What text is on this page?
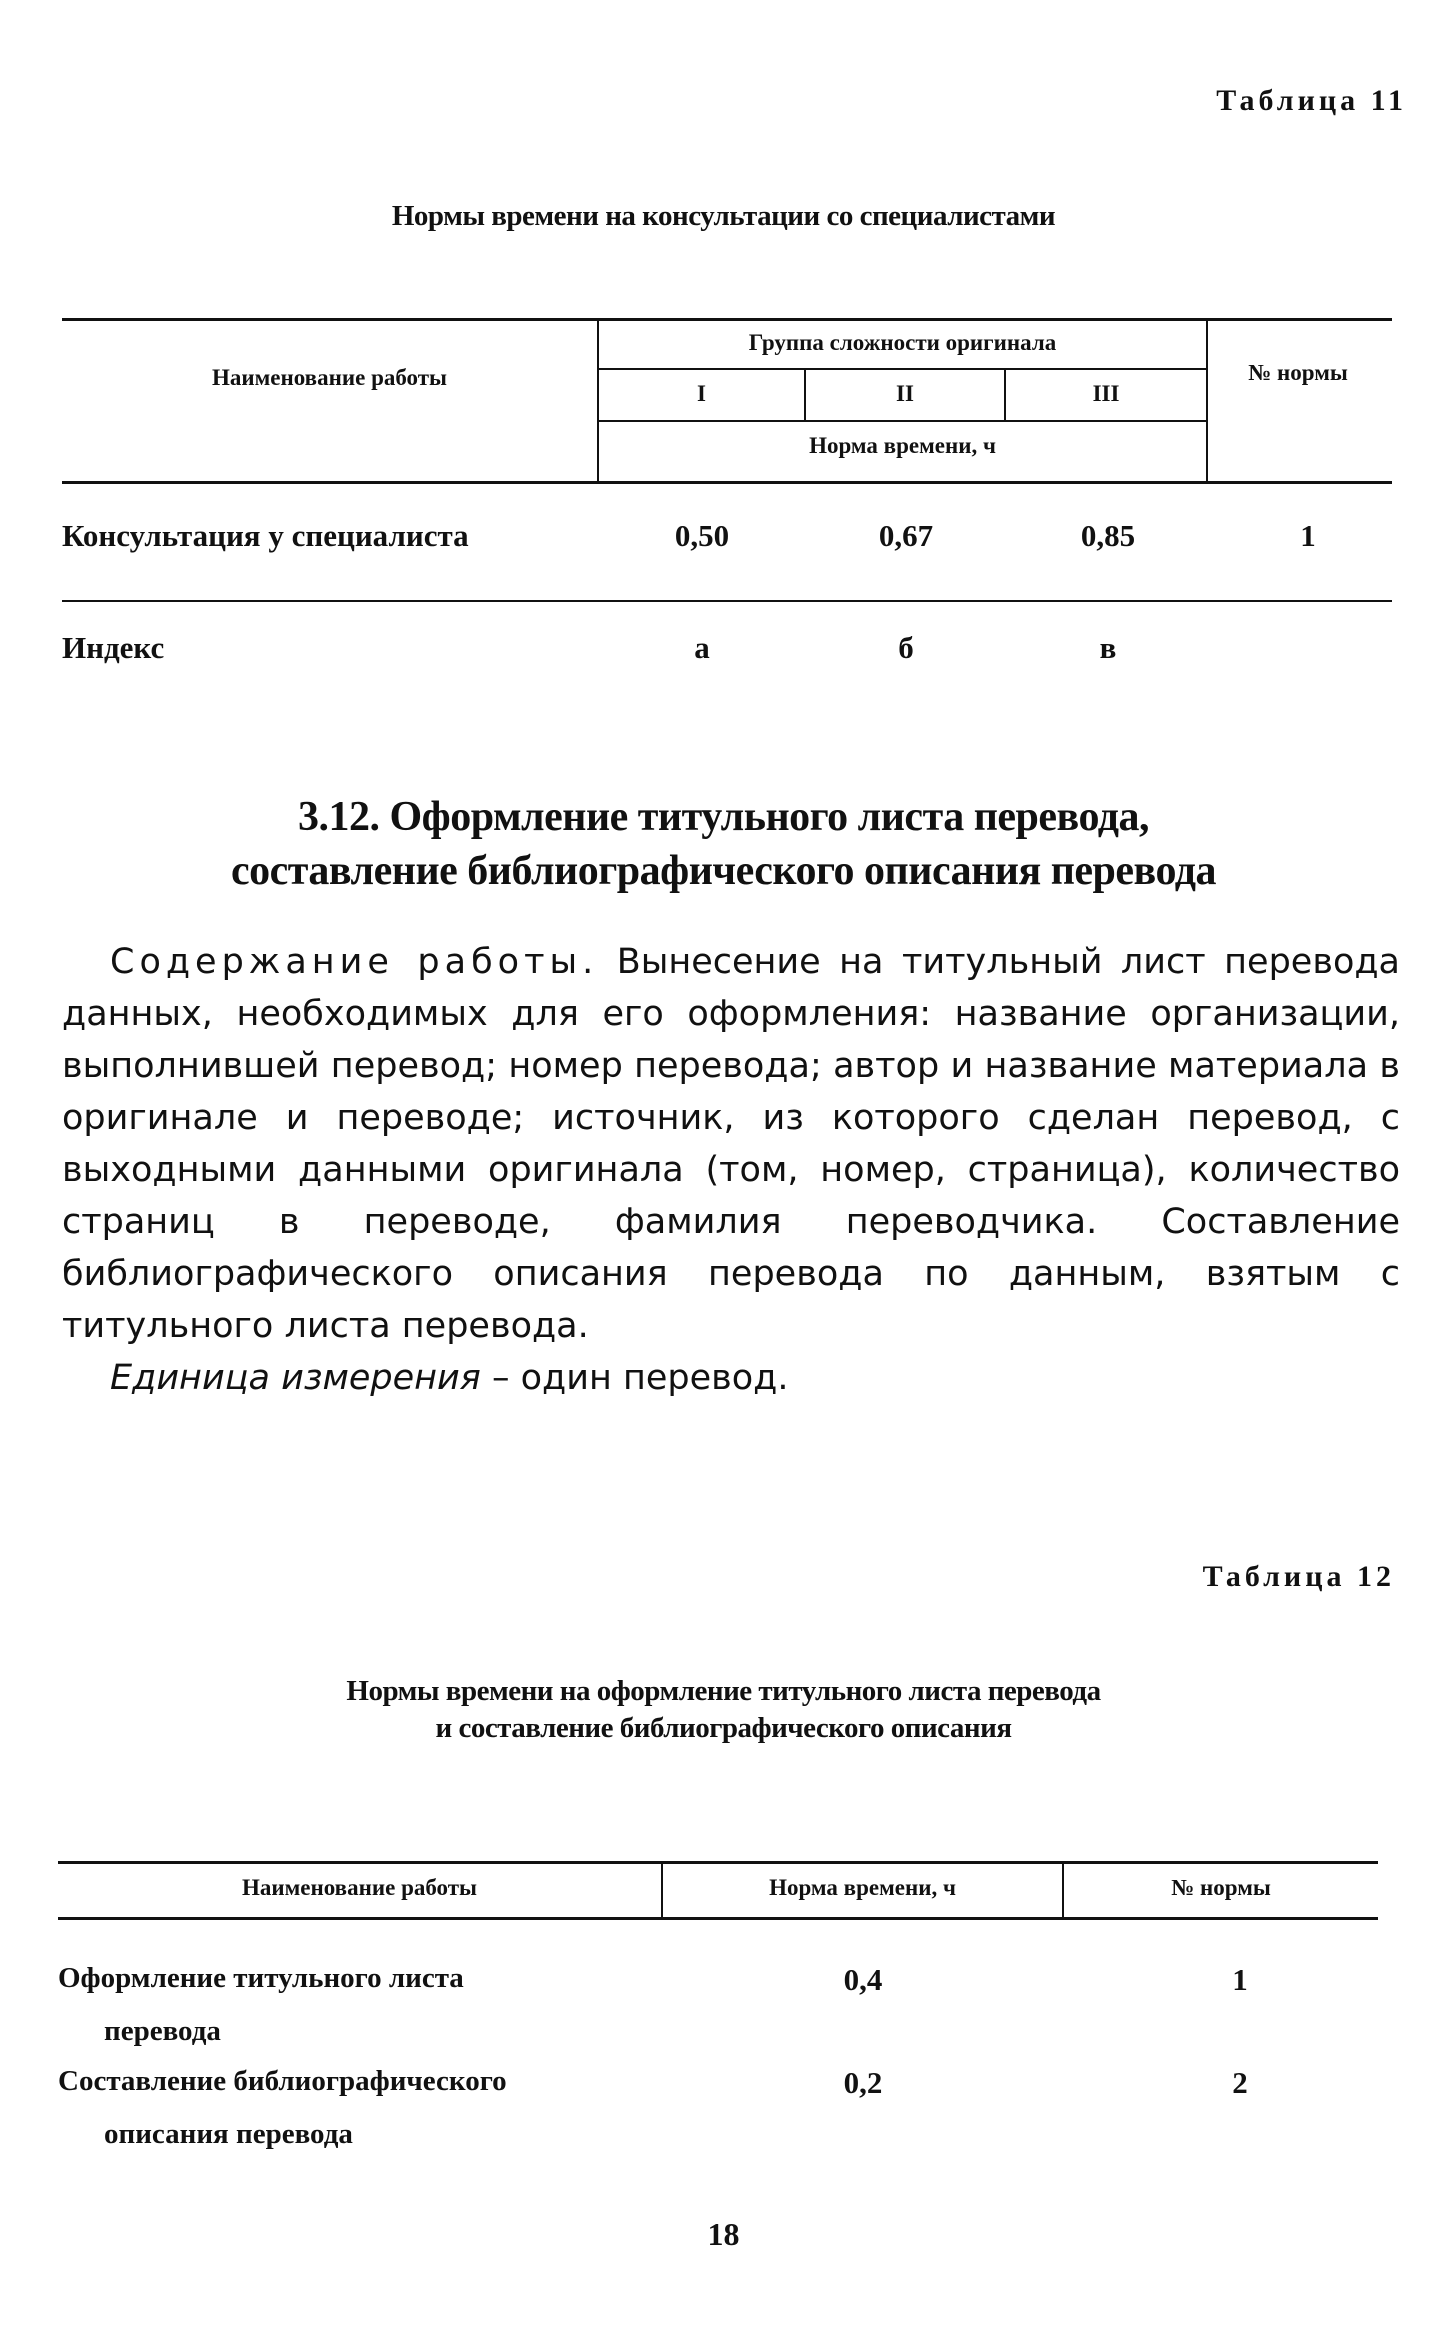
Таблица 11
Нормы времени на консультации со специалистами
Наименование работы
Группа сложности оригинала
I	II	III
Норма времени, ч
№ нормы
Консультация у специалиста	0,50	0,67	0,85	1
Индекс	а	б	в
3.12. Оформление титульного листа перевода,
составление библиографического описания перевода
Содержание работы. Вынесение на титульный лист перевода данных, необходимых для его оформления: название организации, выполнившей перевод; номер перевода; автор и название материала в оригинале и переводе; источник, из которого сделан перевод, с выходными данными оригинала (том, номер, страница), количество страниц в переводе, фамилия переводчика. Составление библиографического описания перевода по данным, взятым с титульного листа перевода.
Единица измерения – один перевод.
Таблица 12
Нормы времени на оформление титульного листа перевода
и составление библиографического описания
Наименование работы	Норма времени, ч	№ нормы
Оформление титульного листа
перевода
0,4	1
Составление библиографического
описания перевода
0,2	2
18
